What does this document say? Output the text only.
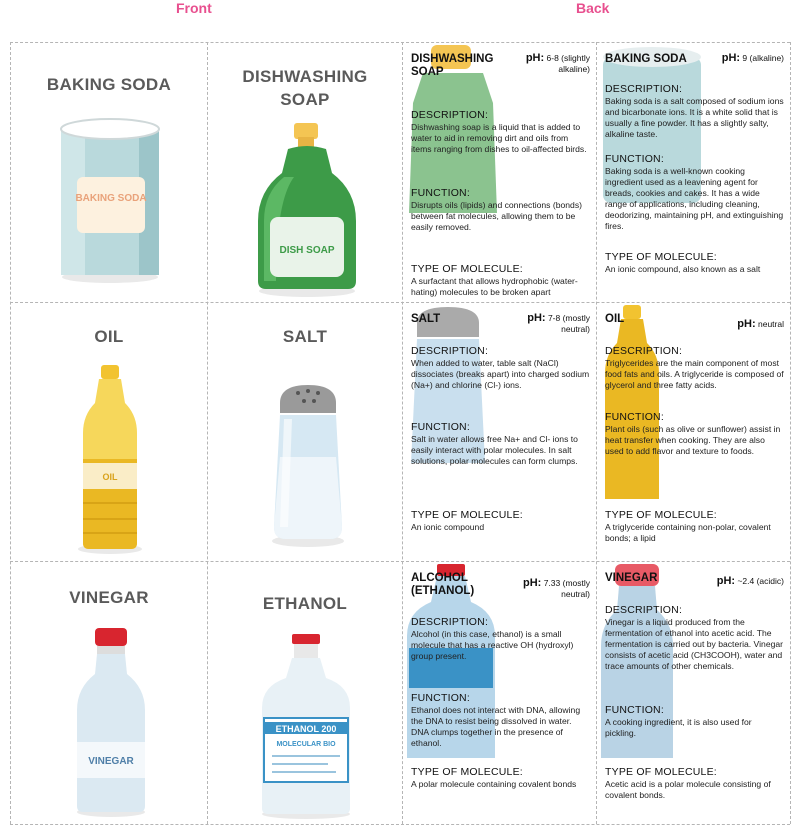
Front	Back
BAKING SODA
BAKING SODA
DISHWASHING SOAP
DISH SOAP
DISHWASHING SOAP
pH: 6-8 (slightly alkaline)
DESCRIPTION:
Dishwashing soap is a liquid that is added to water to aid in removing dirt and oils from items ranging from dishes to oil-affected birds.
FUNCTION:
Disrupts oils (lipids) and connections (bonds) between fat molecules, allowing them to be easily removed.
TYPE OF MOLECULE:
A surfactant that allows hydrophobic (water-hating) molecules to be broken apart
BAKING SODA	pH: 9 (alkaline)
DESCRIPTION:
Baking soda is a salt composed of sodium ions and bicarbonate ions. It is a white solid that is usually a fine powder. It has a slightly salty, alkaline taste.
FUNCTION:
Baking soda is a well-known cooking ingredient used as a leavening agent for breads, cookies and cakes. It has a wide range of applications, including cleaning, deodorizing, maintaining pH, and extinguishing fires.
TYPE OF MOLECULE:
An ionic compound, also known as a salt
OIL
OIL
SALT
SALT	pH: 7-8 (mostly neutral)
DESCRIPTION:
When added to water, table salt (NaCl) dissociates (breaks apart) into charged sodium (Na+) and chlorine (Cl-) ions.
FUNCTION:
Salt in water allows free Na+ and Cl- ions to easily interact with polar molecules. In salt solutions, polar molecules can form clumps.
TYPE OF MOLECULE:
An ionic compound
OIL	pH: neutral
DESCRIPTION:
Triglycerides are the main component of most food fats and oils. A triglyceride is composed of glycerol and three fatty acids.
FUNCTION:
Plant oils (such as olive or sunflower) assist in heat transfer when cooking. They are also used to add flavor and texture to foods.
TYPE OF MOLECULE:
A triglyceride containing non-polar, covalent bonds; a lipid
VINEGAR
VINEGAR
ETHANOL
ETHANOL 200
MOLECULAR BIO
ALCOHOL (ETHANOL)
pH: 7.33 (mostly neutral)
DESCRIPTION:
Alcohol (in this case, ethanol) is a small molecule that has a reactive OH (hydroxyl) group present.
FUNCTION:
Ethanol does not interact with DNA, allowing the DNA to resist being dissolved in water. DNA clumps together in the presence of ethanol.
TYPE OF MOLECULE:
A polar molecule containing covalent bonds
VINEGAR	pH: ~2.4 (acidic)
DESCRIPTION:
Vinegar is a liquid produced from the fermentation of ethanol into acetic acid. The fermentation is carried out by bacteria. Vinegar consists of acetic acid (CH3COOH), water and trace amounts of other chemicals.
FUNCTION:
A cooking ingredient, it is also used for pickling.
TYPE OF MOLECULE:
Acetic acid is a polar molecule consisting of covalent bonds.
